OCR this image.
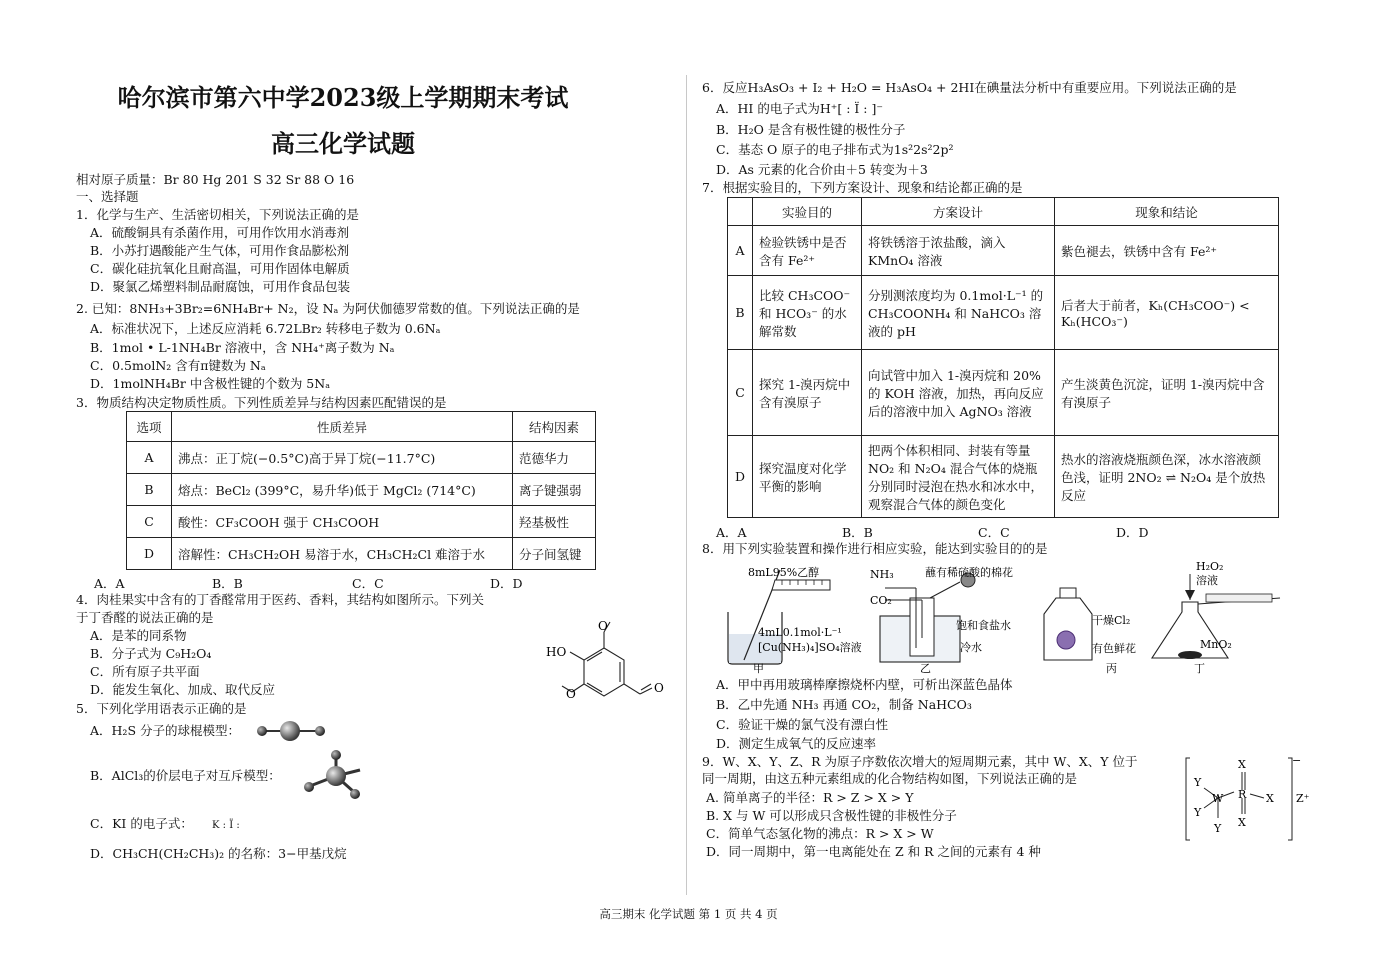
哈尔滨市第六中学2023级上学期期末考试
高三化学试题
相对原子质量：Br 80 Hg 201 S 32 Sr 88 O 16
一、选择题
1．化学与生产、生活密切相关，下列说法正确的是
A．硫酸铜具有杀菌作用，可用作饮用水消毒剂
B．小苏打遇酸能产生气体，可用作食品膨松剂
C．碳化硅抗氧化且耐高温，可用作固体电解质
D．聚氯乙烯塑料制品耐腐蚀，可用作食品包装
2. 已知：8NH₃+3Br₂=6NH₄Br+ N₂，设 Nₐ 为阿伏伽德罗常数的值。下列说法正确的是
A．标准状况下，上述反应消耗 6.72LBr₂ 转移电子数为 0.6Nₐ
B．1mol • L-1NH₄Br 溶液中，含 NH₄⁺离子数为 Nₐ
C．0.5molN₂ 含有π键数为 Nₐ
D．1molNH₄Br 中含极性键的个数为 5Nₐ
3．物质结构决定物质性质。下列性质差异与结构因素匹配错误的是
选项	性质差异	结构因素
A	沸点：正丁烷(−0.5°C)高于异丁烷(−11.7°C)	范德华力
B	熔点：BeCl₂ (399°C，易升华)低于 MgCl₂ (714°C)	离子键强弱
C	酸性：CF₃COOH 强于 CH₃COOH	羟基极性
D	溶解性：CH₃CH₂OH 易溶于水，CH₃CH₂Cl 难溶于水	分子间氢键
A．A	B．B	C．C	D．D
4．肉桂果实中含有的丁香醛常用于医药、香料，其结构如图所示。下列关
于丁香醛的说法正确的是
A．是苯的同系物
B．分子式为 C₉H₂O₄
C．所有原子共平面
D．能发生氧化、加成、取代反应
O
HO
O	O
5．下列化学用语表示正确的是
A．H₂S 分子的球棍模型：
B．AlCl₃的价层电子对互斥模型：
C．KI 的电子式： K : Ï :
D．CH₃CH(CH₂CH₃)₂ 的名称：3−甲基戊烷
6．反应H₃AsO₃ + I₂ + H₂O = H₃AsO₄ + 2HI在碘量法分析中有重要应用。下列说法正确的是
A．HI 的电子式为H⁺[ : Ï : ]⁻
B．H₂O 是含有极性键的极性分子
C．基态 O 原子的电子排布式为1s²2s²2p²
D．As 元素的化合价由＋5 转变为＋3
7．根据实验目的，下列方案设计、现象和结论都正确的是
	实验目的	方案设计	现象和结论
A	检验铁锈中是否含有 Fe²⁺	将铁锈溶于浓盐酸，滴入 KMnO₄ 溶液	紫色褪去，铁锈中含有 Fe²⁺
B	比较 CH₃COO⁻ 和 HCO₃⁻ 的水解常数	分别测浓度均为 0.1mol·L⁻¹ 的 CH₃COONH₄ 和 NaHCO₃ 溶液的 pH	后者大于前者，Kₕ(CH₃COO⁻) < Kₕ(HCO₃⁻)
C	探究 1-溴丙烷中含有溴原子	向试管中加入 1-溴丙烷和 20%的 KOH 溶液，加热，再向反应后的溶液中加入 AgNO₃ 溶液	产生淡黄色沉淀，证明 1-溴丙烷中含有溴原子
D	探究温度对化学平衡的影响	把两个体积相同、封装有等量 NO₂ 和 N₂O₄ 混合气体的烧瓶分别同时浸泡在热水和冰水中，观察混合气体的颜色变化	热水的溶液烧瓶颜色深，冰水溶液颜色浅，证明 2NO₂ ⇌ N₂O₄ 是个放热反应
A．A	B．B	C．C	D．D
8．用下列实验装置和操作进行相应实验，能达到实验目的的是
8mL95%乙醇
4mL0.1mol·L⁻¹
[Cu(NH₃)₄]SO₄溶液
甲
NH₃
CO₂
蘸有稀硫酸的棉花
饱和食盐水
冷水
乙
干燥Cl₂
有色鲜花
丙
H₂O₂
溶液
MnO₂
丁
A．甲中再用玻璃棒摩擦烧杯内壁，可析出深蓝色晶体
B．乙中先通 NH₃ 再通 CO₂，制备 NaHCO₃
C．验证干燥的氯气没有漂白性
D．测定生成氧气的反应速率
9．W、X、Y、Z、R 为原子序数依次增大的短周期元素，其中 W、X、Y 位于
同一周期，由这五种元素组成的化合物结构如图，下列说法正确的是
A. 简单离子的半径：R > Z > X > Y
B. X 与 W 可以形成只含极性键的非极性分子
C．简单气态氢化物的沸点：R > X > W
D．同一周期中，第一电离能处在 Z 和 R 之间的元素有 4 种
X
Y
Y
W R X
X
Y
−
Z⁺
高三期末 化学试题 第 1 页 共 4 页
